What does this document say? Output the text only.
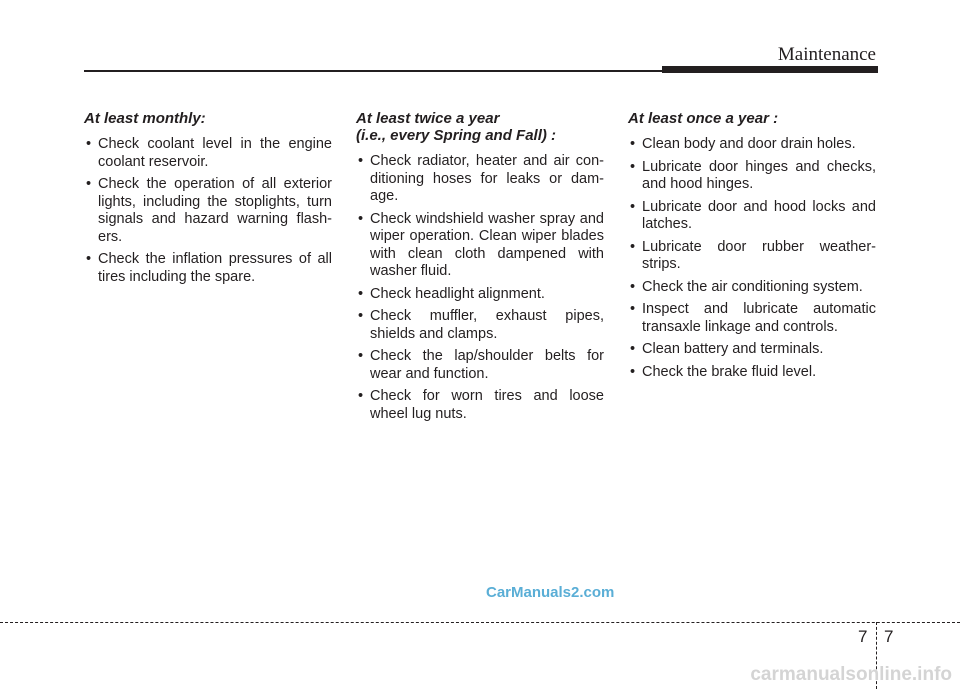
Maintenance
At least monthly:
• Check coolant level in the engine coolant reservoir.
• Check the operation of all exterior lights, including the stoplights, turn signals and hazard warning flash- ers.
• Check the inflation pressures of all tires including the spare.
At least twice a year
(i.e., every Spring and Fall) :
• Check radiator, heater and air con- ditioning hoses for leaks or dam- age.
• Check windshield washer spray and wiper operation. Clean wiper blades with clean cloth dampened with washer fluid.
• Check headlight alignment.
• Check muffler, exhaust pipes, shields and clamps.
• Check the lap/shoulder belts for wear and function.
• Check for worn tires and loose wheel lug nuts.
At least once a year :
• Clean body and door drain holes.
• Lubricate door hinges and checks, and hood hinges.
• Lubricate door and hood locks and latches.
• Lubricate door rubber weather- strips.
• Check the air conditioning system.
• Inspect and lubricate automatic transaxle linkage and controls.
• Clean battery and terminals.
• Check the brake fluid level.
CarManuals2.com
7 7
carmanualsonline.info
